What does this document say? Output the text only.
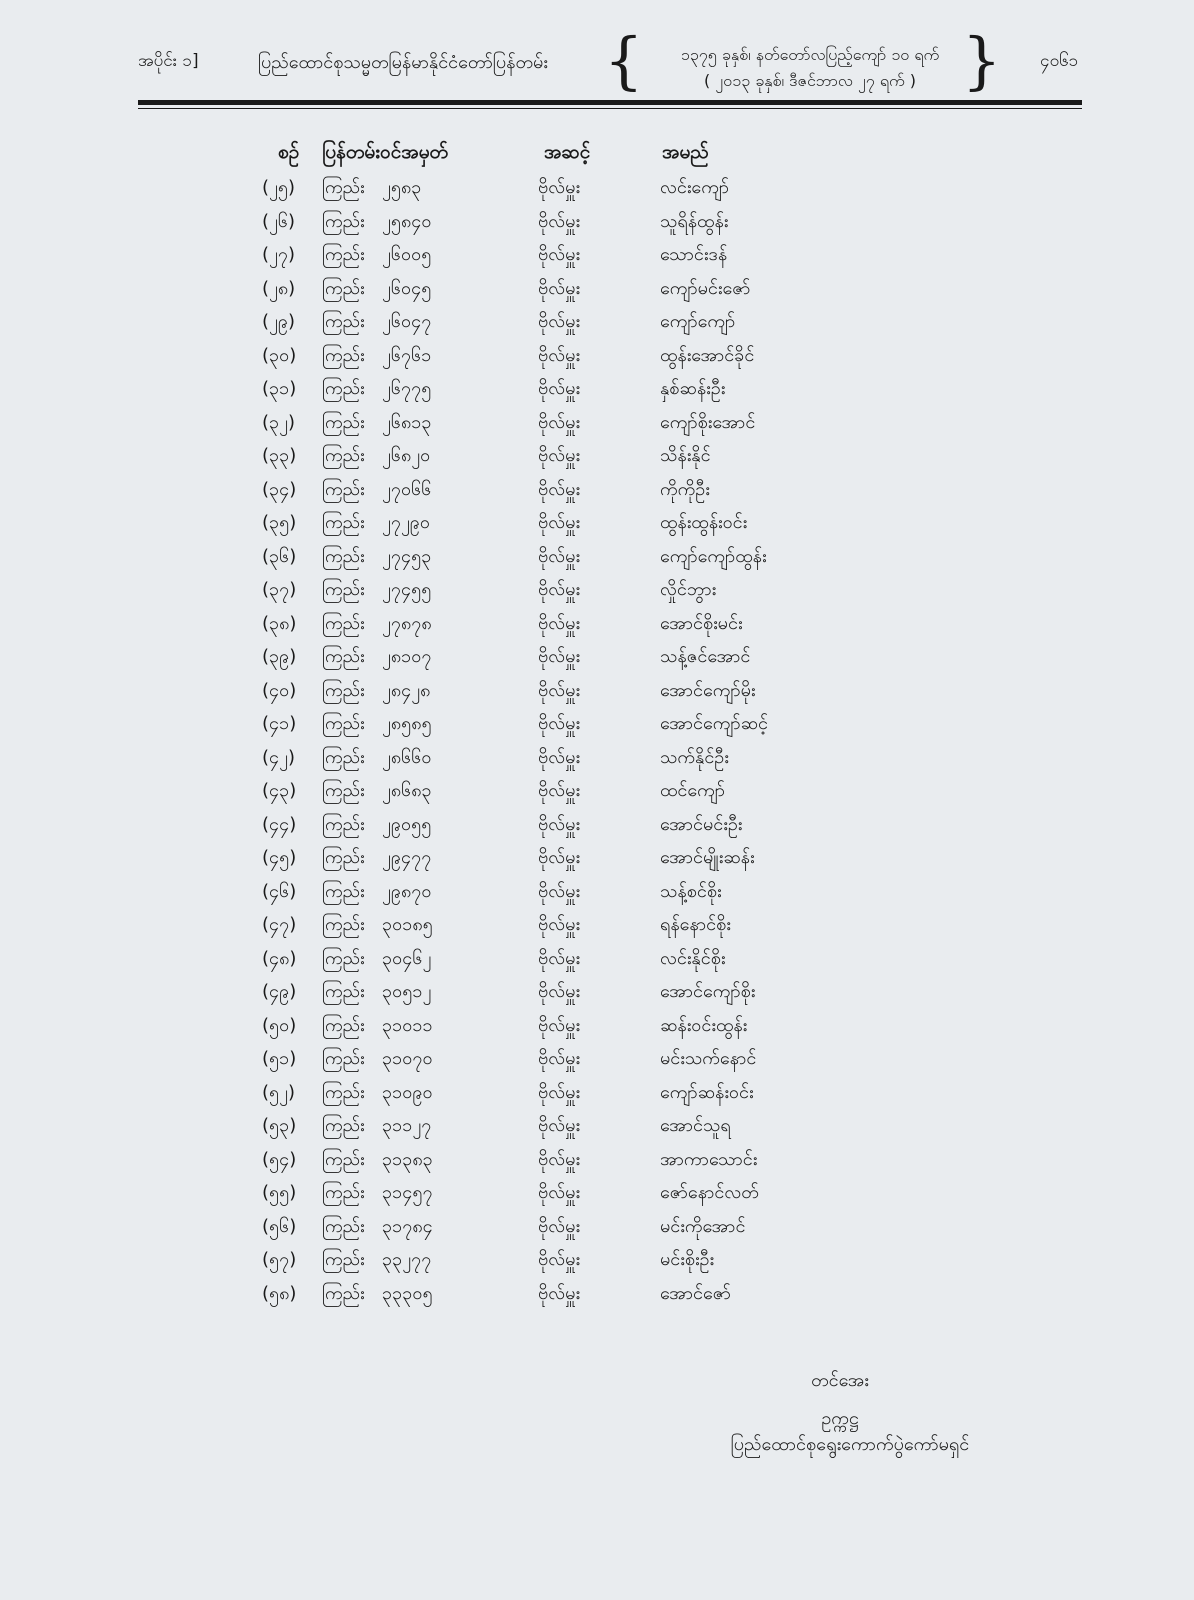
အပိုင်း ၁]	ပြည်ထောင်စုသမ္မတမြန်မာနိုင်ငံတော်ပြန်တမ်း {	၁၃၇၅ ခုနှစ်၊ နတ်တော်လပြည့်ကျော် ၁၀ ရက်
( ၂၀၁၃ ခုနှစ်၊ ဒီဇင်ဘာလ ၂၇ ရက် ) } ၄၀၆၁
စဉ် ပြန်တမ်းဝင်အမှတ်	အဆင့်	အမည်
(၂၅) ကြည်း ၂၅၈၃	ဗိုလ်မှူး	လင်းကျော်
(၂၆) ကြည်း ၂၅၈၄၀	ဗိုလ်မှူး	သူရိန်ထွန်း
(၂၇) ကြည်း ၂၆၀၀၅	ဗိုလ်မှူး	သောင်းဒန်
(၂၈) ကြည်း ၂၆၀၄၅	ဗိုလ်မှူး	ကျော်မင်းဇော်
(၂၉) ကြည်း ၂၆၀၄၇	ဗိုလ်မှူး	ကျော်ကျော်
(၃၀) ကြည်း ၂၆၇၆၁	ဗိုလ်မှူး	ထွန်းအောင်ခိုင်
(၃၁) ကြည်း ၂၆၇၇၅	ဗိုလ်မှူး	နှစ်ဆန်းဦး
(၃၂) ကြည်း ၂၆၈၁၃	ဗိုလ်မှူး	ကျော်စိုးအောင်
(၃၃) ကြည်း ၂၆၈၂၀	ဗိုလ်မှူး	သိန်းနိုင်
(၃၄) ကြည်း ၂၇၀၆၆	ဗိုလ်မှူး	ကိုကိုဦး
(၃၅) ကြည်း ၂၇၂၉၀	ဗိုလ်မှူး	ထွန်းထွန်းဝင်း
(၃၆) ကြည်း ၂၇၄၅၃	ဗိုလ်မှူး	ကျော်ကျော်ထွန်း
(၃၇) ကြည်း ၂၇၄၅၅	ဗိုလ်မှူး	လှိုင်ဘွား
(၃၈) ကြည်း ၂၇၈၇၈	ဗိုလ်မှူး	အောင်စိုးမင်း
(၃၉) ကြည်း ၂၈၁၀၇	ဗိုလ်မှူး	သန့်ဇင်အောင်
(၄၀) ကြည်း ၂၈၄၂၈	ဗိုလ်မှူး	အောင်ကျော်မိုး
(၄၁) ကြည်း ၂၈၅၈၅	ဗိုလ်မှူး	အောင်ကျော်ဆင့်
(၄၂) ကြည်း ၂၈၆၆၀	ဗိုလ်မှူး	သက်နိုင်ဦး
(၄၃) ကြည်း ၂၈၆၈၃	ဗိုလ်မှူး	ထင်ကျော်
(၄၄) ကြည်း ၂၉၀၅၅	ဗိုလ်မှူး	အောင်မင်းဦး
(၄၅) ကြည်း ၂၉၄၇၇	ဗိုလ်မှူး	အောင်မျိုးဆန်း
(၄၆) ကြည်း ၂၉၈၇၀	ဗိုလ်မှူး	သန့်စင်စိုး
(၄၇) ကြည်း ၃၀၁၈၅	ဗိုလ်မှူး	ရန်နောင်စိုး
(၄၈) ကြည်း ၃၀၄၆၂	ဗိုလ်မှူး	လင်းနိုင်စိုး
(၄၉) ကြည်း ၃၀၅၁၂	ဗိုလ်မှူး	အောင်ကျော်စိုး
(၅၀) ကြည်း ၃၁၀၁၁	ဗိုလ်မှူး	ဆန်းဝင်းထွန်း
(၅၁) ကြည်း ၃၁၀၇၀	ဗိုလ်မှူး	မင်းသက်နောင်
(၅၂) ကြည်း ၃၁၀၉၀	ဗိုလ်မှူး	ကျော်ဆန်းဝင်း
(၅၃) ကြည်း ၃၁၁၂၇	ဗိုလ်မှူး	အောင်သူရ
(၅၄) ကြည်း ၃၁၃၈၃	ဗိုလ်မှူး	အာကာသောင်း
(၅၅) ကြည်း ၃၁၄၅၇	ဗိုလ်မှူး	ဇော်နောင်လတ်
(၅၆) ကြည်း ၃၁၇၈၄	ဗိုလ်မှူး	မင်းကိုအောင်
(၅၇) ကြည်း ၃၃၂၇၇	ဗိုလ်မှူး	မင်းစိုးဦး
(၅၈) ကြည်း ၃၃၃၀၅	ဗိုလ်မှူး	အောင်ဇော်
တင်အေး
ဥက္ကဋ္ဌ
ပြည်ထောင်စုရွေးကောက်ပွဲကော်မရှင်
